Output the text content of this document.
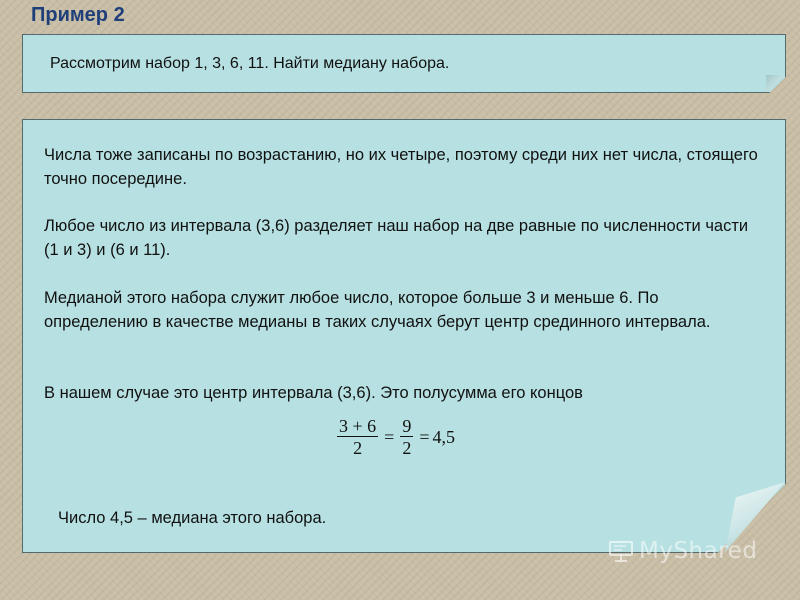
Пример 2
Рассмотрим набор 1, 3, 6, 11. Найти медиану набора.
Числа тоже записаны по возрастанию, но их четыре, поэтому среди них нет числа, стоящего точно посередине.
Любое число из интервала (3,6) разделяет наш набор на две равные по численности части (1 и 3) и (6 и 11).
Медианой этого набора служит любое число, которое больше 3 и меньше 6. По определению в качестве медианы в таких случаях берут центр срединного интервала.
В нашем случае это центр интервала (3,6). Это полусумма его концов
$\frac{3 + 6}{2} = \frac{9}{2} = 4,5$
Число 4,5 – медиана этого набора.
MyShared
